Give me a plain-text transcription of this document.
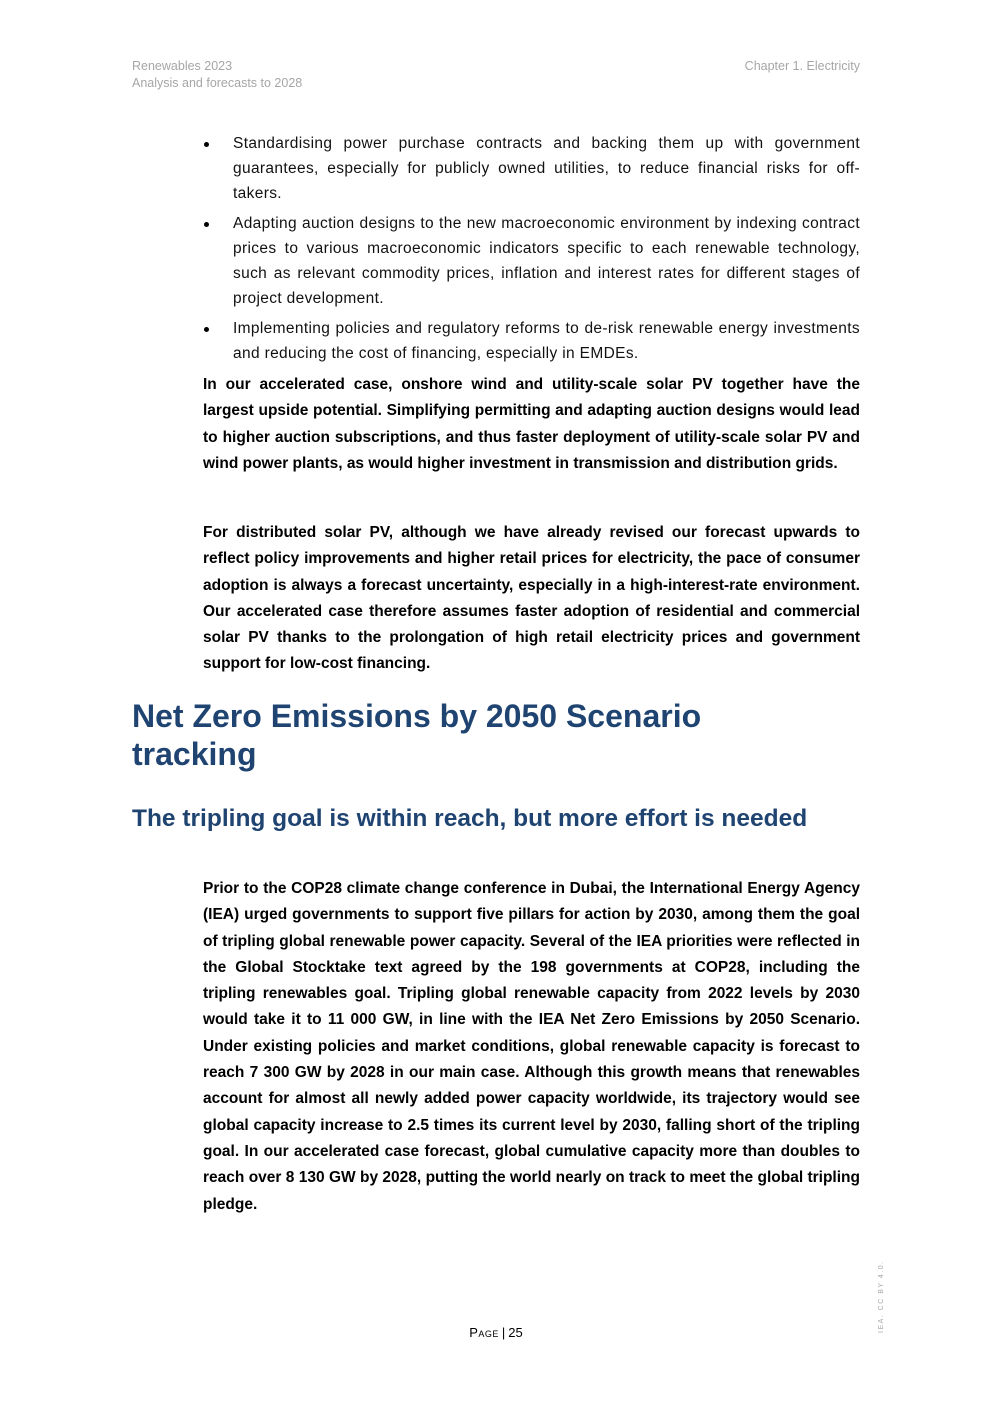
Renewables 2023
Analysis and forecasts to 2028
Chapter 1. Electricity
Standardising power purchase contracts and backing them up with government guarantees, especially for publicly owned utilities, to reduce financial risks for off-takers.
Adapting auction designs to the new macroeconomic environment by indexing contract prices to various macroeconomic indicators specific to each renewable technology, such as relevant commodity prices, inflation and interest rates for different stages of project development.
Implementing policies and regulatory reforms to de-risk renewable energy investments and reducing the cost of financing, especially in EMDEs.

In our accelerated case, onshore wind and utility-scale solar PV together have the largest upside potential. Simplifying permitting and adapting auction designs would lead to higher auction subscriptions, and thus faster deployment of utility-scale solar PV and wind power plants, as would higher investment in transmission and distribution grids.

For distributed solar PV, although we have already revised our forecast upwards to reflect policy improvements and higher retail prices for electricity, the pace of consumer adoption is always a forecast uncertainty, especially in a high-interest-rate environment. Our accelerated case therefore assumes faster adoption of residential and commercial solar PV thanks to the prolongation of high retail electricity prices and government support for low-cost financing.

Net Zero Emissions by 2050 Scenario tracking
The tripling goal is within reach, but more effort is needed

Prior to the COP28 climate change conference in Dubai, the International Energy Agency (IEA) urged governments to support five pillars for action by 2030, among them the goal of tripling global renewable power capacity. Several of the IEA priorities were reflected in the Global Stocktake text agreed by the 198 governments at COP28, including the tripling renewables goal. Tripling global renewable capacity from 2022 levels by 2030 would take it to 11 000 GW, in line with the IEA Net Zero Emissions by 2050 Scenario. Under existing policies and market conditions, global renewable capacity is forecast to reach 7 300 GW by 2028 in our main case. Although this growth means that renewables account for almost all newly added power capacity worldwide, its trajectory would see global capacity increase to 2.5 times its current level by 2030, falling short of the tripling goal. In our accelerated case forecast, global cumulative capacity more than doubles to reach over 8 130 GW by 2028, putting the world nearly on track to meet the global tripling pledge.

Page | 25	IEA. CC BY 4.0.
